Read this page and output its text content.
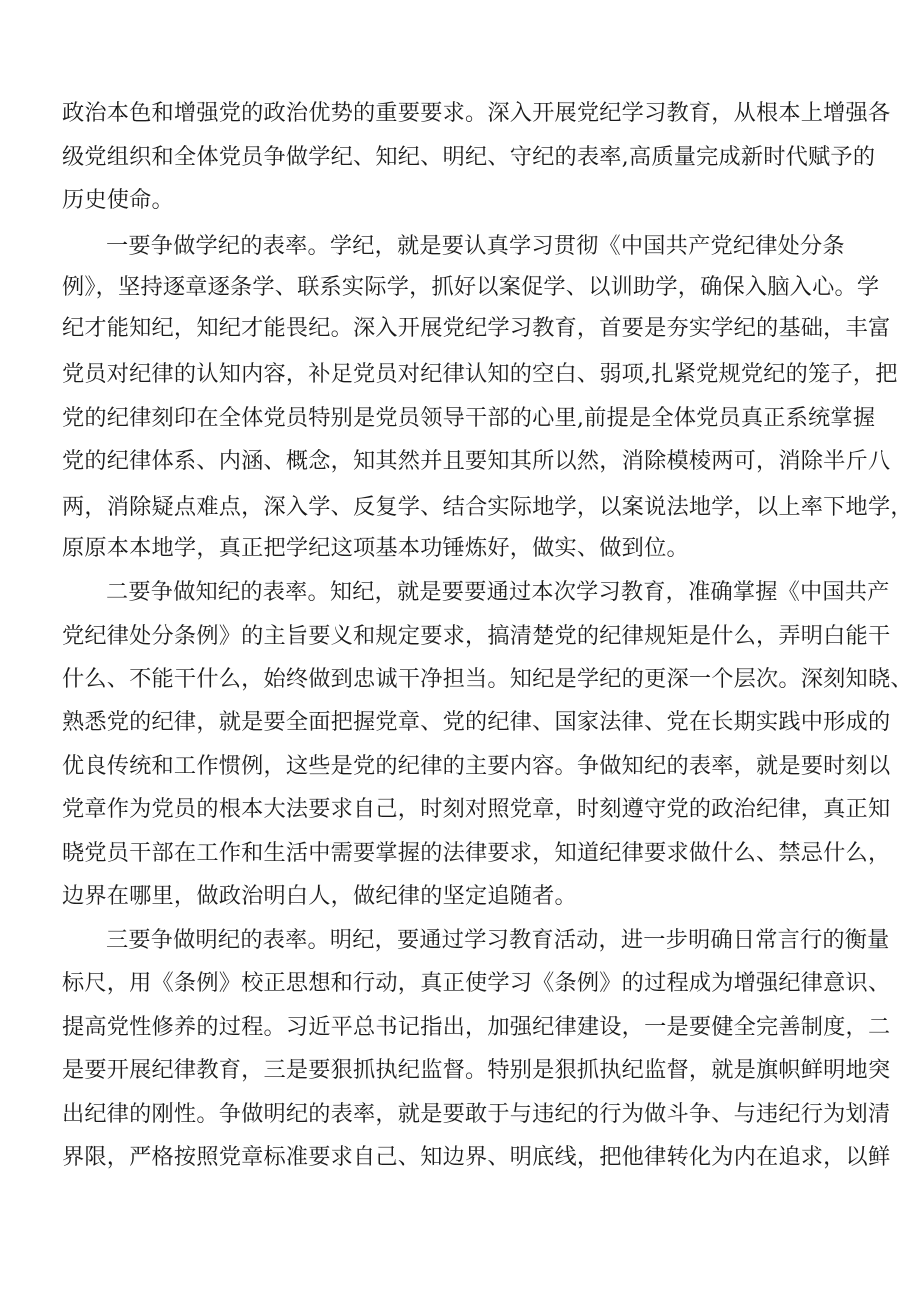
政治本色和增强党的政治优势的重要要求。深入开展党纪学习教育，从根本上增强各
级党组织和全体党员争做学纪、知纪、明纪、守纪的表率,高质量完成新时代赋予的
历史使命。
一要争做学纪的表率。学纪，就是要认真学习贯彻《中国共产党纪律处分条
例》，坚持逐章逐条学、联系实际学，抓好以案促学、以训助学，确保入脑入心。学
纪才能知纪，知纪才能畏纪。深入开展党纪学习教育，首要是夯实学纪的基础，丰富
党员对纪律的认知内容，补足党员对纪律认知的空白、弱项,扎紧党规党纪的笼子，把
党的纪律刻印在全体党员特别是党员领导干部的心里,前提是全体党员真正系统掌握
党的纪律体系、内涵、概念，知其然并且要知其所以然，消除模棱两可，消除半斤八
两，消除疑点难点，深入学、反复学、结合实际地学，以案说法地学，以上率下地学，
原原本本地学，真正把学纪这项基本功锤炼好，做实、做到位。
二要争做知纪的表率。知纪，就是要要通过本次学习教育，准确掌握《中国共产
党纪律处分条例》的主旨要义和规定要求，搞清楚党的纪律规矩是什么，弄明白能干
什么、不能干什么，始终做到忠诚干净担当。知纪是学纪的更深一个层次。深刻知晓、
熟悉党的纪律，就是要全面把握党章、党的纪律、国家法律、党在长期实践中形成的
优良传统和工作惯例，这些是党的纪律的主要内容。争做知纪的表率，就是要时刻以
党章作为党员的根本大法要求自己，时刻对照党章，时刻遵守党的政治纪律，真正知
晓党员干部在工作和生活中需要掌握的法律要求，知道纪律要求做什么、禁忌什么，
边界在哪里，做政治明白人，做纪律的坚定追随者。
三要争做明纪的表率。明纪，要通过学习教育活动，进一步明确日常言行的衡量
标尺，用《条例》校正思想和行动，真正使学习《条例》的过程成为增强纪律意识、
提高党性修养的过程。习近平总书记指出，加强纪律建设，一是要健全完善制度，二
是要开展纪律教育，三是要狠抓执纪监督。特别是狠抓执纪监督，就是旗帜鲜明地突
出纪律的刚性。争做明纪的表率，就是要敢于与违纪的行为做斗争、与违纪行为划清
界限，严格按照党章标准要求自己、知边界、明底线，把他律转化为内在追求，以鲜
